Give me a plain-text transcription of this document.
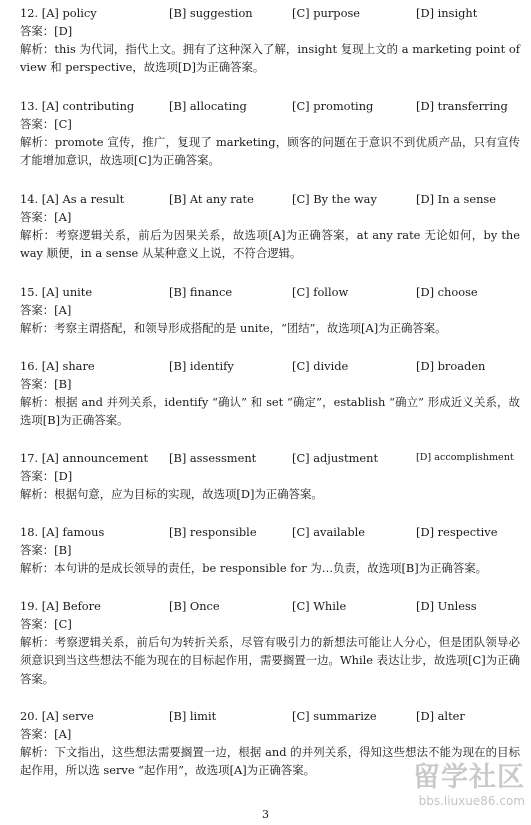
12. [A] policy	[B] suggestion	[C] purpose	[D] insight
答案：[D]
解析：this 为代词，指代上文。拥有了这种深入了解，insight 复现上文的 a marketing point of view 和 perspective，故选项[D]为正确答案。
13. [A] contributing	[B] allocating	[C] promoting	[D] transferring
答案：[C]
解析：promote 宣传，推广，复现了 marketing，顾客的问题在于意识不到优质产品，只有宣传才能增加意识，故选项[C]为正确答案。
14. [A] As a result	[B] At any rate	[C] By the way	[D] In a sense
答案：[A]
解析：考察逻辑关系，前后为因果关系，故选项[A]为正确答案，at any rate 无论如何，by the way 顺便，in a sense 从某种意义上说，不符合逻辑。
15. [A] unite	[B] finance	[C] follow	[D] choose
答案：[A]
解析：考察主谓搭配，和领导形成搭配的是 unite，“团结”，故选项[A]为正确答案。
16. [A] share	[B] identify	[C] divide	[D] broaden
答案：[B]
解析：根据 and 并列关系，identify “确认” 和 set “确定”，establish “确立” 形成近义关系，故选项[B]为正确答案。
17. [A] announcement [B] assessment	[C] adjustment	[D] accomplishment
答案：[D]
解析：根据句意，应为目标的实现，故选项[D]为正确答案。
18. [A] famous	[B] responsible	[C] available	[D] respective
答案：[B]
解析：本句讲的是成长领导的责任，be responsible for 为…负责，故选项[B]为正确答案。
19. [A] Before	[B] Once	[C] While	[D] Unless
答案：[C]
解析：考察逻辑关系，前后句为转折关系，尽管有吸引力的新想法可能让人分心，但是团队领导必须意识到当这些想法不能为现在的目标起作用，需要搁置一边。While 表达让步，故选项[C]为正确答案。
20. [A] serve	[B] limit	[C] summarize	[D] alter
答案：[A]
解析：下文指出，这些想法需要搁置一边，根据 and 的并列关系，得知这些想法不能为现在的目标起作用，所以选 serve “起作用”，故选项[A]为正确答案。	留学社区
bbs.liuxue86.com
3
